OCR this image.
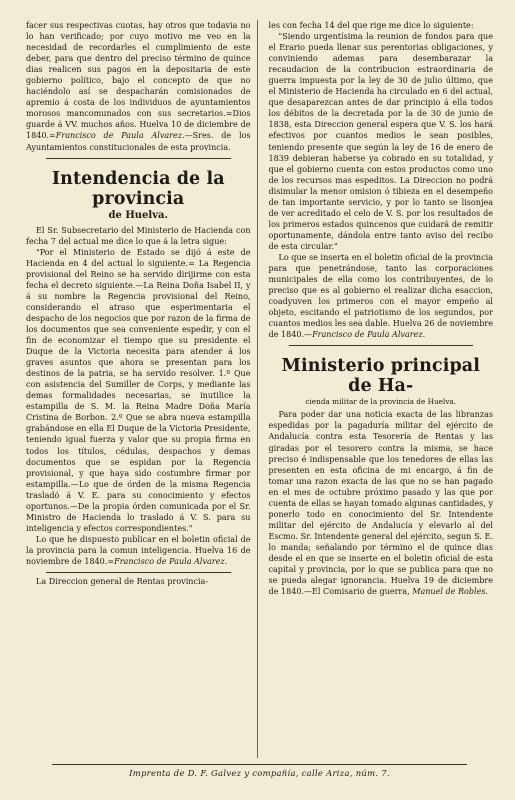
facer sus respectivas cuotas, hay otros que todavia no lo han verificado; por cuyo motivo me veo en la necesidad de recordarles el cumplimiento de este deber, para que dentro del preciso término de quince dias realicen sus pagos en la depositaria de este gobierno político, bajo el concepto de que no haciéndolo así se despacharán comisionados de apremio á costa de los individuos de ayuntamientos morosos mancomunados con sus secretarios.=Dios guarde á VV. muchos años. Huelva 10 de diciembre de 1840.=Francisco de Paula Alvarez.—Sres. de los Ayuntamientos constitucionales de esta provincia.

Intendencia de la provincia
de Huelva.

El Sr. Subsecretario del Ministerio de Hacienda con fecha 7 del actual me dice lo que á la letra sigue:

"Por el Ministerio de Estado se dijó á este de Hacienda en 4 del actual lo siguiente.= La Regencia provisional del Reino se ha servido dirijirme con esta fecha el decreto siguiente.—La Reina Doña Isabel II, y á su nombre la Regencia provisional del Reino, considerando el atraso que esperimentaria el despacho de los negocios que por razon de la firma de los documentos que sea conveniente espedir, y con el fin de economizar el tiempo que su presidente el Duque de la Victoria necesita para atender á los graves asuntos que ahora se presentan para los destinos de la patria, se ha servido resolver. 1.º Que con asistencia del Sumiller de Corps, y mediante las demas formalidades necesarias, se inutilice la estampilla de S. M. la Reina Madre Doña María Cristina de Borbon. 2.º Que se abra nueva estampilla grabándose en ella El Duque de la Victoria Presidente, teniendo igual fuerza y valor que su propia firma en todos los títulos, cédulas, despachos y demas documentos que se espidan por la Regencia provisional, y que haya sido costumbre firmar por estampilla.—Lo que de órden de la misma Regencia trasladó á V. E. para su conocimiento y efectos oportunos.—De la propia órden comunicada por el Sr. Ministro de Hacienda lo traslado á V. S. para su inteligencia y efectos correspondientes."

Lo que he dispuesto publicar en el boletin oficial de la provincia para la comun inteligencia. Huelva 16 de noviembre de 1840.=Francisco de Paula Alvarez.

La Direccion general de Rentas provincia-

les con fecha 14 del que rige me dice lo siguiente:

"Siendo urgentísima la reunion de fondos para que el Erario pueda llenar sus perentorias obligaciones, y conviniendo ademas para desembarazar la recaudacion de la contribucion estraordinaria de guerra impuesta por la ley de 30 de julio último, que el Ministerio de Hacienda ha circulado en 6 del actual, que desaparezcan antes de dar principio á ella todos los débitos de la decretada por la de 30 de junio de 1838, esta Direccion general espera que V. S. los hará efectivos por cuantos medios le sean posibles, teniendo presente que según la ley de 16 de enero de 1839 debieran haberse ya cobrado en su totalidad, y que el gobierno cuenta con estos productos como uno de los recursos mas espeditos. La Direccion no podrá disimular la menor omision ó tibieza en el desempeño de tan importante servicio, y por lo tanto se lisonjea de ver acreditado el celo de V. S. por los resultados de los primeros estados quincenos que cuidará de remitir oportunamente, dándola entre tanto aviso del recibo de esta circular."

Lo que se inserta en el boletin oficial de la provincia para que penetrándose, tanto las corporaciones municipales de ella como los contribuyentes, de lo preciso que es al gobierno el realizar dicha esaccion, coadyuven los primeros con el mayor empeño al objeto, escitando el patriotismo de los segundos, por cuantos medios les sea dable. Huelva 26 de noviembre de 1840.—Francisco de Paula Alvarez.

Ministerio principal de Ha-
cienda militar de la provincia de Huelva.

Para poder dar una noticia exacta de las libranzas espedidas por la pagaduría militar del ejército de Andalucía contra esta Tesorería de Rentas y las giradas por el tesorero contra la misma, se hace preciso é indispensable que los tenedores de ellas las presenten en esta oficina de mi encargo, á fin de tomar una razon exacta de las que no se han pagado en el mes de octubre próximo pasado y las que por cuenta de ellas se hayan tomado algunas cantidades, y ponerlo todo en conocimiento del Sr. Intendente militar del ejército de Andalucía y elevarlo al del Escmo. Sr. Intendente general del ejército, segun S. E. lo manda; señalando por término el de quince dias desde el en que se inserte en el boletin oficial de esta capital y provincia, por lo que se publica para que no se pueda alegar ignorancia. Huelva 19 de diciembre de 1840.—El Comisario de guerra, Manuel de Robles.

Imprenta de D. F. Galvez y compañía, calle Ariza, núm. 7.
